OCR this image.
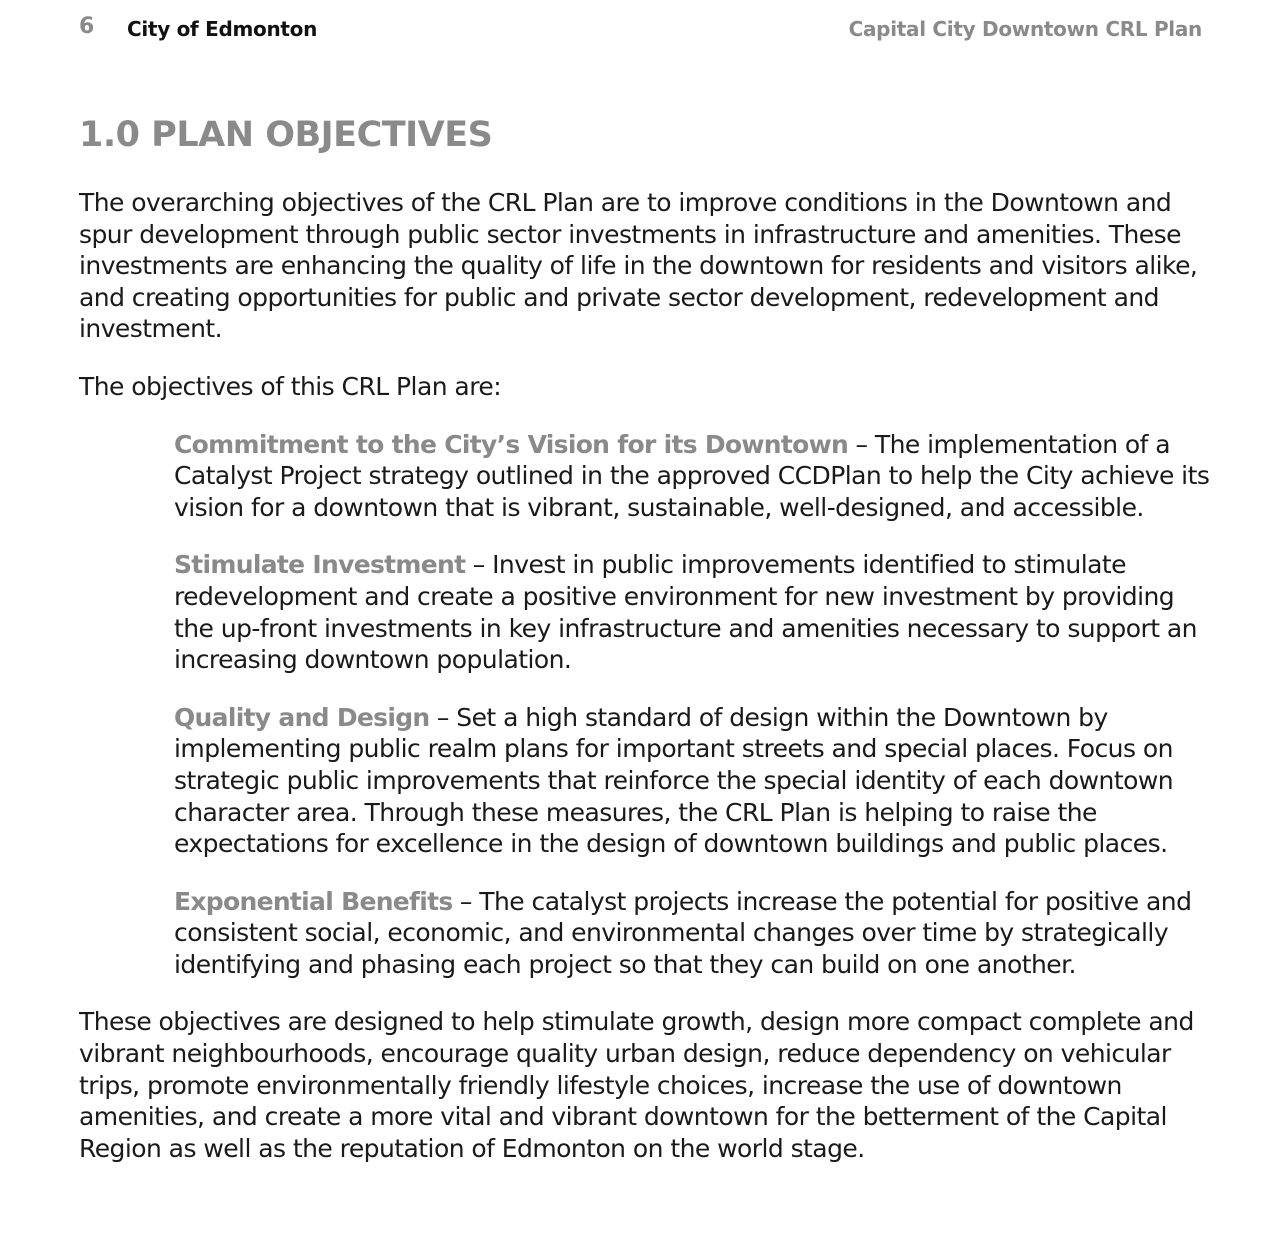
6 City of Edmonton	Capital City Downtown CRL Plan
1.0 PLAN OBJECTIVES

The overarching objectives of the CRL Plan are to improve conditions in the Downtown and spur development through public sector investments in infrastructure and amenities. These investments are enhancing the quality of life in the downtown for residents and visitors alike, and creating opportunities for public and private sector development, redevelopment and investment.

The objectives of this CRL Plan are:

Commitment to the City’s Vision for its Downtown – The implementation of a Catalyst Project strategy outlined in the approved CCDPlan to help the City achieve its vision for a downtown that is vibrant, sustainable, well-designed, and accessible.
Stimulate Investment – Invest in public improvements identified to stimulate redevelopment and create a positive environment for new investment by providing the up-front investments in key infrastructure and amenities necessary to support an increasing downtown population.
Quality and Design – Set a high standard of design within the Downtown by implementing public realm plans for important streets and special places. Focus on strategic public improvements that reinforce the special identity of each downtown character area. Through these measures, the CRL Plan is helping to raise the expectations for excellence in the design of downtown buildings and public places.
Exponential Benefits – The catalyst projects increase the potential for positive and consistent social, economic, and environmental changes over time by strategically identifying and phasing each project so that they can build on one another.

These objectives are designed to help stimulate growth, design more compact complete and vibrant neighbourhoods, encourage quality urban design, reduce dependency on vehicular trips, promote environmentally friendly lifestyle choices, increase the use of downtown amenities, and create a more vital and vibrant downtown for the betterment of the Capital Region as well as the reputation of Edmonton on the world stage.
